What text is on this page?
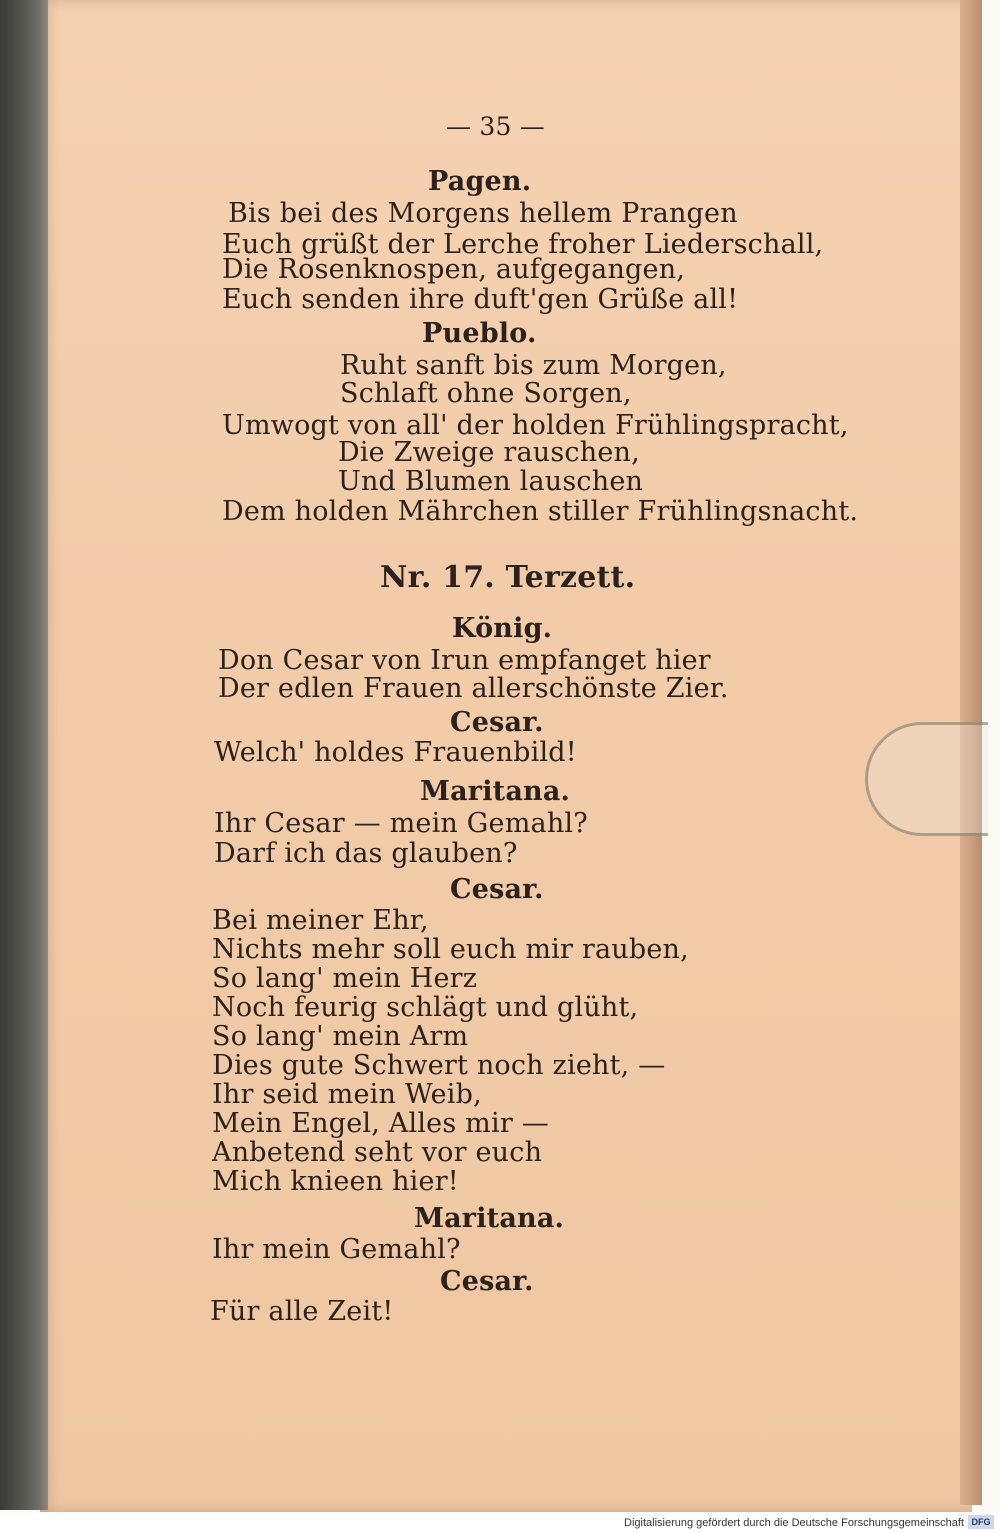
— 35 —
Pagen.
Bis bei des Morgens hellem Prangen
Euch grüßt der Lerche froher Liederschall,
Die Rosenknospen, aufgegangen,
Euch senden ihre duft'gen Grüße all!
Pueblo.
Ruht sanft bis zum Morgen,
Schlaft ohne Sorgen,
Umwogt von all' der holden Frühlingspracht,
Die Zweige rauschen,
Und Blumen lauschen
Dem holden Mährchen stiller Frühlingsnacht.
Nr. 17. Terzett.
König.
Don Cesar von Irun empfanget hier
Der edlen Frauen allerschönste Zier.
Cesar.
Welch' holdes Frauenbild!
Maritana.
Ihr Cesar — mein Gemahl?
Darf ich das glauben?
Cesar.
Bei meiner Ehr,
Nichts mehr soll euch mir rauben,
So lang' mein Herz
Noch feurig schlägt und glüht,
So lang' mein Arm
Dies gute Schwert noch zieht, —
Ihr seid mein Weib,
Mein Engel, Alles mir —
Anbetend seht vor euch
Mich knieen hier!
Maritana.
Ihr mein Gemahl?
Cesar.
Für alle Zeit!
Digitalisierung gefördert durch die Deutsche Forschungsgemeinschaft DFG
